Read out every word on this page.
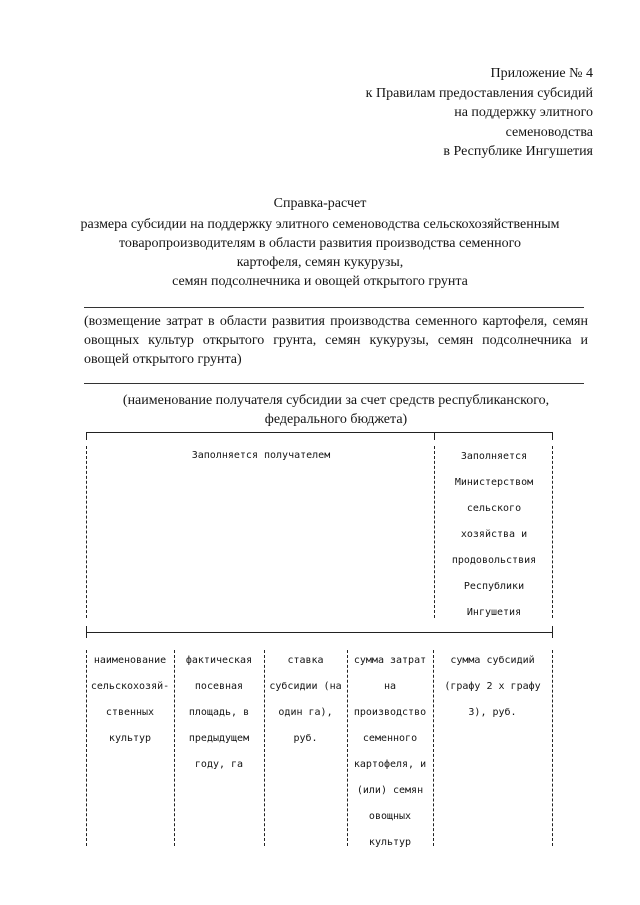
Приложение № 4
к Правилам предоставления субсидий
на поддержку элитного
семеноводства
в Республике Ингушетия
Справка-расчет
размера субсидии на поддержку элитного семеноводства сельскохозяйственным
товаропроизводителям в области развития производства семенного
картофеля, семян кукурузы,
семян подсолнечника и овощей открытого грунта
(возмещение затрат в области развития производства семенного картофеля, семян овощных культур открытого грунта, семян кукурузы, семян подсолнечника и овощей открытого грунта)
(наименование получателя субсидии за счет средств республиканского, федерального бюджета)
Заполняется получателем	Заполняется
Министерством
сельского
хозяйства и
продовольствия
Республики
Ингушетия
наименование
сельскохозяй-
ственных
культур
фактическая
посевная
площадь, в
предыдущем
году, га
ставка
субсидии (на
один га),
руб.
сумма затрат
на
производство
семенного
картофеля, и
(или) семян
овощных
культур
сумма субсидий
(графу 2 x графу
3), руб.
